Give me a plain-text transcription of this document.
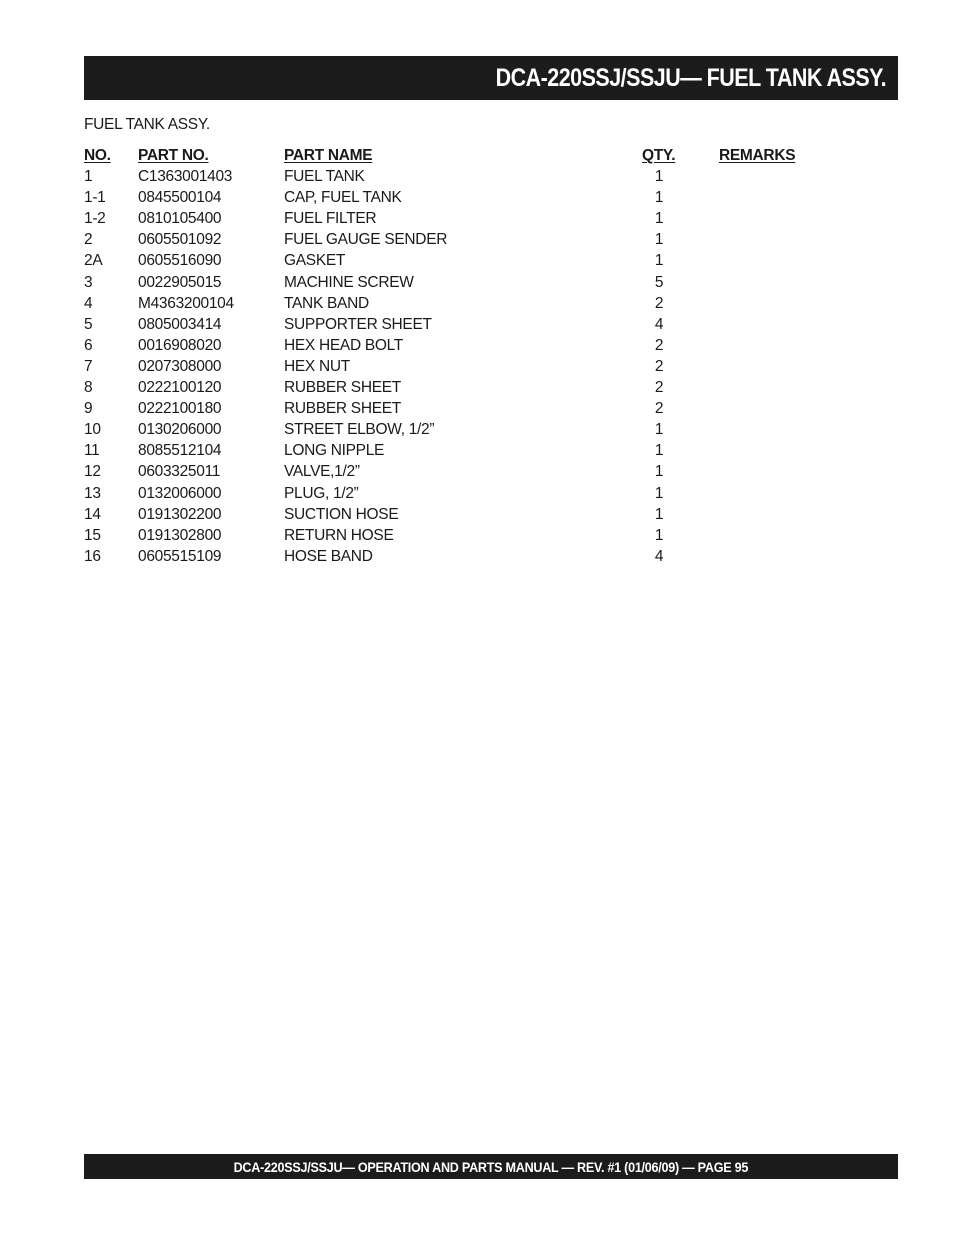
DCA-220SSJ/SSJU— FUEL TANK ASSY.
FUEL TANK ASSY.
NO. PART NO.	PART NAME	QTY.	REMARKS
1	C1363001403	FUEL TANK	1
1-1 0845500104	CAP, FUEL TANK	1
1-2 0810105400	FUEL FILTER	1
2	0605501092	FUEL GAUGE SENDER	1
2A 0605516090	GASKET	1
3	0022905015	MACHINE SCREW	5
4	M4363200104	TANK BAND	2
5	0805003414	SUPPORTER SHEET	4
6	0016908020	HEX HEAD BOLT	2
7	0207308000	HEX NUT	2
8	0222100120	RUBBER SHEET	2
9	0222100180	RUBBER SHEET	2
10 0130206000	STREET ELBOW, 1/2”	1
11 8085512104	LONG NIPPLE	1
12 0603325011	VALVE,1/2”	1
13 0132006000	PLUG, 1/2”	1
14 0191302200	SUCTION HOSE	1
15 0191302800	RETURN HOSE	1
16 0605515109	HOSE BAND	4
DCA-220SSJ/SSJU— OPERATION AND PARTS MANUAL — REV. #1 (01/06/09) — PAGE 95
